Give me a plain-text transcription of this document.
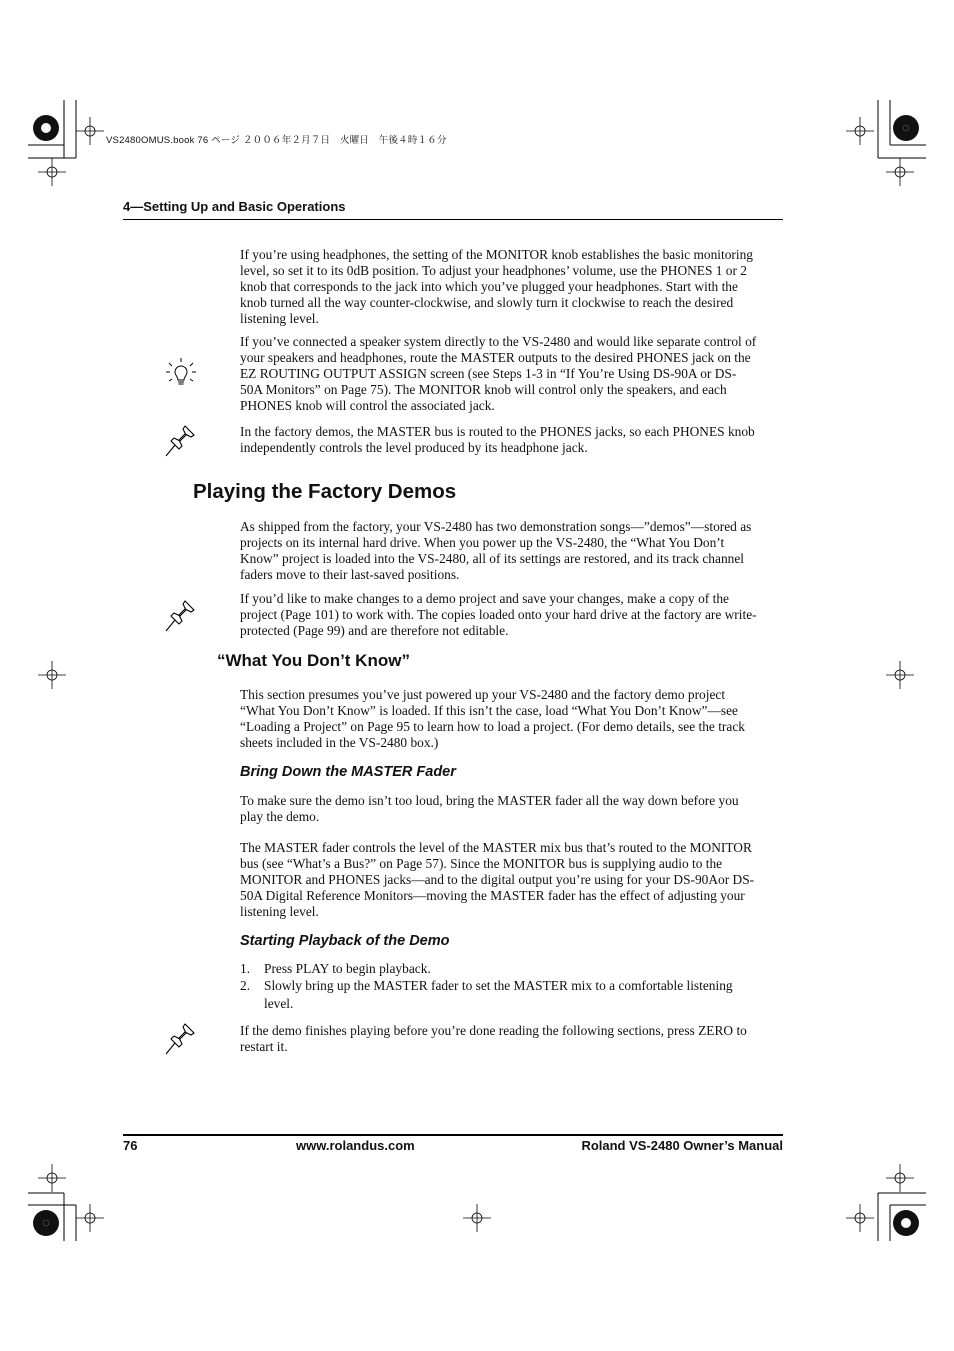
VS2480OMUS.book 76 ページ ２００６年２月７日　火曜日　午後４時１６分
4—Setting Up and Basic Operations
If you’re using headphones, the setting of the MONITOR knob establishes the basic monitoring level, so set it to its 0dB position. To adjust your headphones’ volume, use the PHONES 1 or 2 knob that corresponds to the jack into which you’ve plugged your headphones. Start with the knob turned all the way counter-clockwise, and slowly turn it clockwise to reach the desired listening level.
If you’ve connected a speaker system directly to the VS-2480 and would like separate control of your speakers and headphones, route the MASTER outputs to the desired PHONES jack on the EZ ROUTING OUTPUT ASSIGN screen (see Steps 1-3 in “If You’re Using DS-90A or DS-50A Monitors” on Page 75). The MONITOR knob will control only the speakers, and each PHONES knob will control the associated jack.
In the factory demos, the MASTER bus is routed to the PHONES jacks, so each PHONES knob independently controls the level produced by its headphone jack.
Playing the Factory Demos
As shipped from the factory, your VS-2480 has two demonstration songs—”demos”—stored as projects on its internal hard drive. When you power up the VS-2480, the “What You Don’t Know” project is loaded into the VS-2480, all of its settings are restored, and its track channel faders move to their last-saved positions.
If you’d like to make changes to a demo project and save your changes, make a copy of the project (Page 101) to work with. The copies loaded onto your hard drive at the factory are write-protected (Page 99) and are therefore not editable.
“What You Don’t Know”
This section presumes you’ve just powered up your VS-2480 and the factory demo project “What You Don’t Know” is loaded. If this isn’t the case, load “What You Don’t Know”—see “Loading a Project” on Page 95 to learn how to load a project. (For demo details, see the track sheets included in the VS-2480 box.)
Bring Down the MASTER Fader
To make sure the demo isn’t too loud, bring the MASTER fader all the way down before you play the demo.
The MASTER fader controls the level of the MASTER mix bus that’s routed to the MONITOR bus (see “What’s a Bus?” on Page 57). Since the MONITOR bus is supplying audio to the MONITOR and PHONES jacks—and to the digital output you’re using for your DS-90Aor DS-50A Digital Reference Monitors—moving the MASTER fader has the effect of adjusting your listening level.
Starting Playback of the Demo
1. Press PLAY to begin playback.
2. Slowly bring up the MASTER fader to set the MASTER mix to a comfortable listening level.
If the demo finishes playing before you’re done reading the following sections, press ZERO to restart it.
76	www.rolandus.com	Roland VS-2480 Owner’s Manual
